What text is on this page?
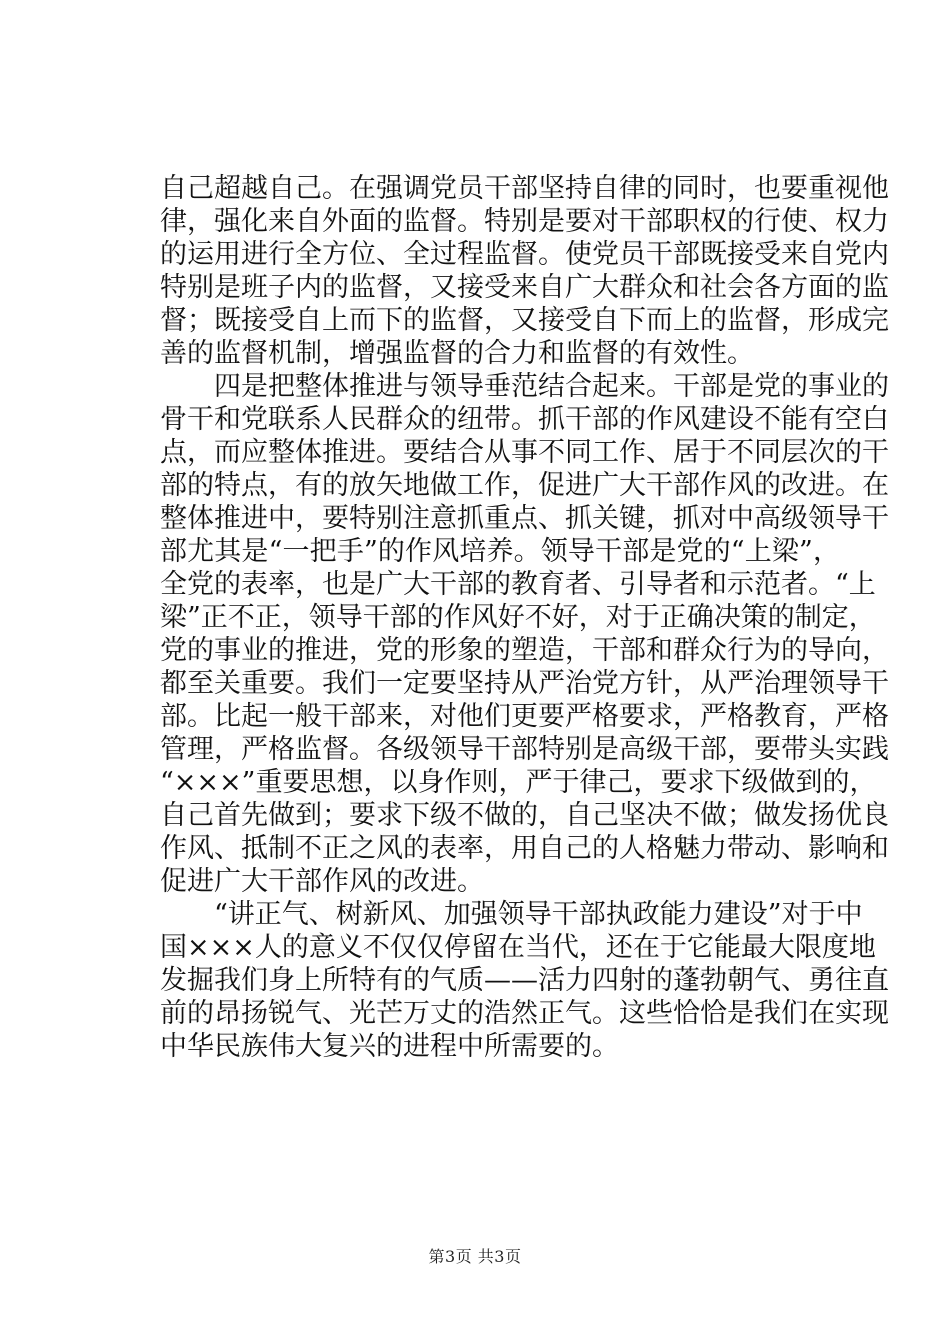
自己超越自己。在强调党员干部坚持自律的同时，也要重视他
律，强化来自外面的监督。特别是要对干部职权的行使、权力
的运用进行全方位、全过程监督。使党员干部既接受来自党内
特别是班子内的监督，又接受来自广大群众和社会各方面的监
督；既接受自上而下的监督，又接受自下而上的监督，形成完
善的监督机制，增强监督的合力和监督的有效性。
四是把整体推进与领导垂范结合起来。干部是党的事业的
骨干和党联系人民群众的纽带。抓干部的作风建设不能有空白
点，而应整体推进。要结合从事不同工作、居于不同层次的干
部的特点，有的放矢地做工作，促进广大干部作风的改进。在
整体推进中，要特别注意抓重点、抓关键，抓对中高级领导干
部尤其是“一把手”的作风培养。领导干部是党的“上梁”，
全党的表率，也是广大干部的教育者、引导者和示范者。“上
梁”正不正，领导干部的作风好不好，对于正确决策的制定，
党的事业的推进，党的形象的塑造，干部和群众行为的导向，
都至关重要。我们一定要坚持从严治党方针，从严治理领导干
部。比起一般干部来，对他们更要严格要求，严格教育，严格
管理，严格监督。各级领导干部特别是高级干部，要带头实践
“×××”重要思想，以身作则，严于律己，要求下级做到的，
自己首先做到；要求下级不做的，自己坚决不做；做发扬优良
作风、抵制不正之风的表率，用自己的人格魅力带动、影响和
促进广大干部作风的改进。
“讲正气、树新风、加强领导干部执政能力建设”对于中
国×××人的意义不仅仅停留在当代，还在于它能最大限度地
发掘我们身上所特有的气质——活力四射的蓬勃朝气、勇往直
前的昂扬锐气、光芒万丈的浩然正气。这些恰恰是我们在实现
中华民族伟大复兴的进程中所需要的。
第3页 共3页
